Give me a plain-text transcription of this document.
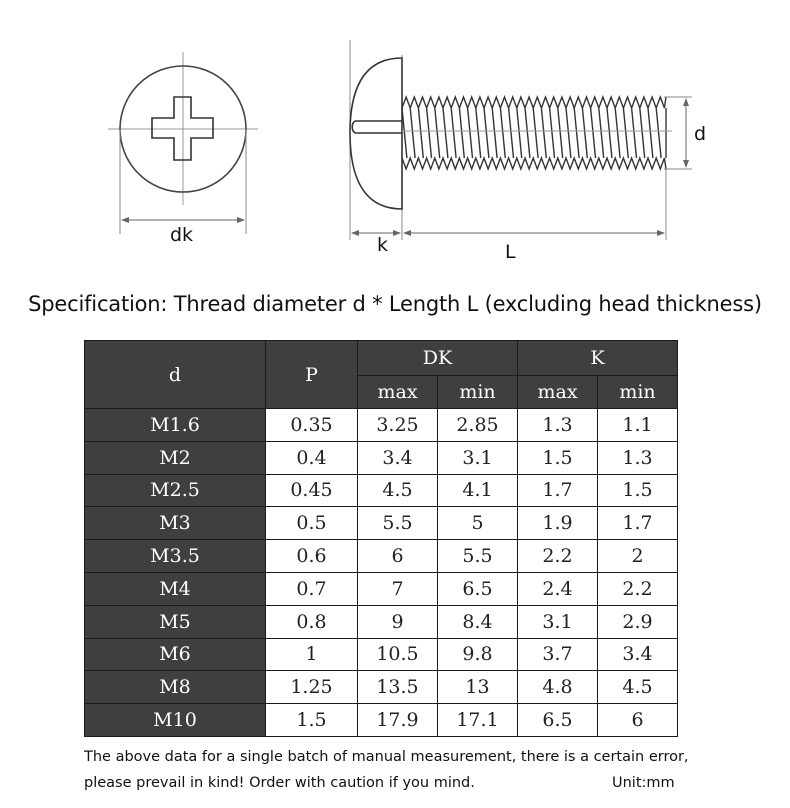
dk	k	L
d
Specification: Thread diameter d * Length L (excluding head thickness)
d	P	DK		K	
		max	min	max	min
M1.6	0.35	3.25	2.85	1.3	1.1
M2	0.4	3.4	3.1	1.5	1.3
M2.5	0.45	4.5	4.1	1.7	1.5
M3	0.5	5.5	5	1.9	1.7
M3.5	0.6	6	5.5	2.2	2
M4	0.7	7	6.5	2.4	2.2
M5	0.8	9	8.4	3.1	2.9
M6	1	10.5	9.8	3.7	3.4
M8	1.25	13.5	13	4.8	4.5
M10	1.5	17.9	17.1	6.5	6
The above data for a single batch of manual measurement, there is a certain error,
please prevail in kind! Order with caution if you mind.	Unit:mm
